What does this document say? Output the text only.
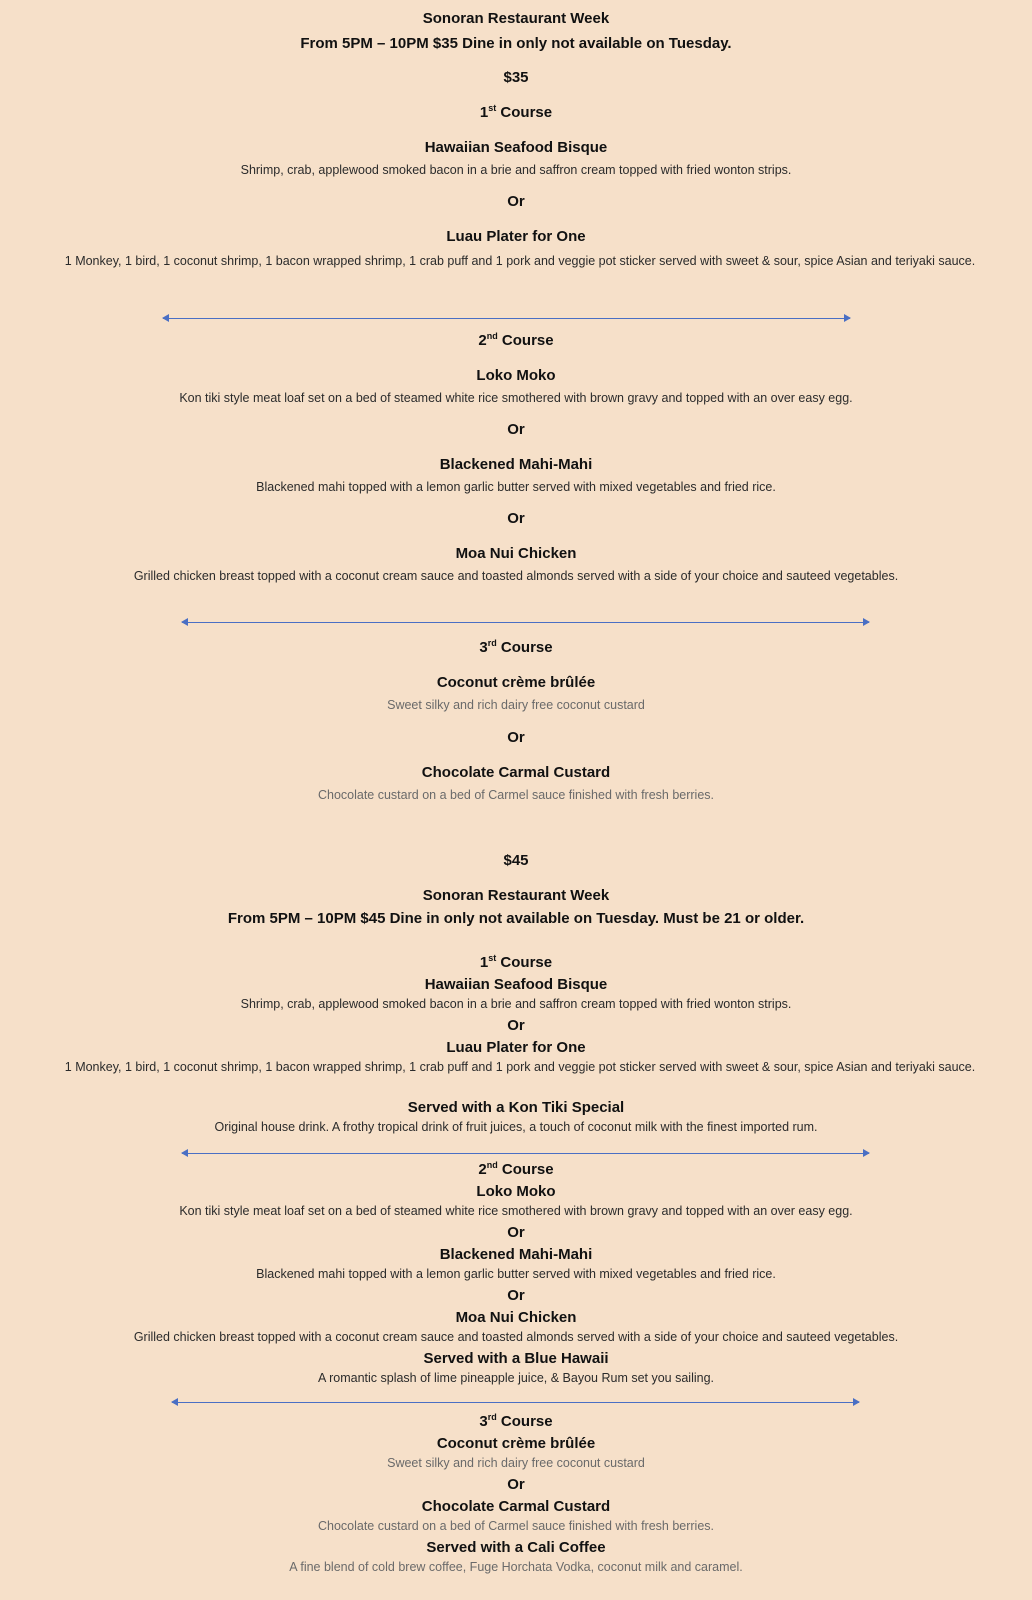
Sonoran Restaurant Week
From 5PM – 10PM $35 Dine in only not available on Tuesday.
$35
1st Course
Hawaiian Seafood Bisque
Shrimp, crab, applewood smoked bacon in a brie and saffron cream topped with fried wonton strips.
Or
Luau Plater for One
1 Monkey, 1 bird, 1 coconut shrimp, 1 bacon wrapped shrimp, 1 crab puff and 1 pork and veggie pot sticker served with sweet & sour, spice Asian and teriyaki sauce.
2nd Course
Loko Moko
Kon tiki style meat loaf set on a bed of steamed white rice smothered with brown gravy and topped with an over easy egg.
Or
Blackened Mahi-Mahi
Blackened mahi topped with a lemon garlic butter served with mixed vegetables and fried rice.
Or
Moa Nui Chicken
Grilled chicken breast topped with a coconut cream sauce and toasted almonds served with a side of your choice and sauteed vegetables.
3rd Course
Coconut crème brûlée
Sweet silky and rich dairy free coconut custard
Or
Chocolate Carmal Custard
Chocolate custard on a bed of Carmel sauce finished with fresh berries.
$45
Sonoran Restaurant Week
From 5PM – 10PM $45 Dine in only not available on Tuesday. Must be 21 or older.
1st Course
Hawaiian Seafood Bisque
Shrimp, crab, applewood smoked bacon in a brie and saffron cream topped with fried wonton strips.
Or
Luau Plater for One
1 Monkey, 1 bird, 1 coconut shrimp, 1 bacon wrapped shrimp, 1 crab puff and 1 pork and veggie pot sticker served with sweet & sour, spice Asian and teriyaki sauce.
Served with a Kon Tiki Special
Original house drink. A frothy tropical drink of fruit juices, a touch of coconut milk with the finest imported rum.
2nd Course
Loko Moko
Kon tiki style meat loaf set on a bed of steamed white rice smothered with brown gravy and topped with an over easy egg.
Or
Blackened Mahi-Mahi
Blackened mahi topped with a lemon garlic butter served with mixed vegetables and fried rice.
Or
Moa Nui Chicken
Grilled chicken breast topped with a coconut cream sauce and toasted almonds served with a side of your choice and sauteed vegetables.
Served with a Blue Hawaii
A romantic splash of lime pineapple juice, & Bayou Rum set you sailing.
3rd Course
Coconut crème brûlée
Sweet silky and rich dairy free coconut custard
Or
Chocolate Carmal Custard
Chocolate custard on a bed of Carmel sauce finished with fresh berries.
Served with a Cali Coffee
A fine blend of cold brew coffee, Fuge Horchata Vodka, coconut milk and caramel.
